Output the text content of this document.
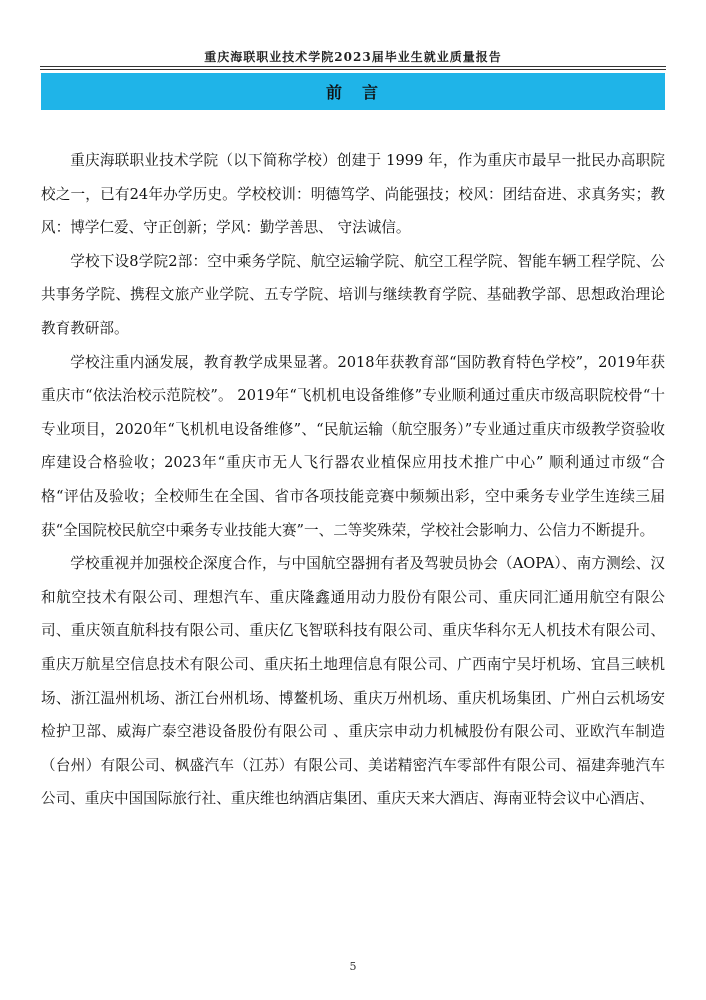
重庆海联职业技术学院2023届毕业生就业质量报告
前　言

重庆海联职业技术学院（以下简称学校）创建于 1999 年，作为重庆市最早一批民办高职院校之一，已有24年办学历史。学校校训：明德笃学、尚能强技；校风：团结奋进、求真务实；教风：博学仁爱、守正创新；学风：勤学善思、 守法诚信。

学校下设8学院2部：空中乘务学院、航空运输学院、航空工程学院、智能车辆工程学院、公共事务学院、携程文旅产业学院、五专学院、培训与继续教育学院、基础教学部、思想政治理论教育教研部。

学校注重内涵发展，教育教学成果显著。2018年获教育部“国防教育特色学校”，2019年获重庆市“依法治校示范院校”。 2019年“飞机机电设备维修”专业顺利通过重庆市级高职院校骨“十专业项目，2020年“飞机机电设备维修”、“民航运输（航空服务）”专业通过重庆市级教学资验收库建设合格验收；2023年“重庆市无人飞行器农业植保应用技术推广中心” 顺利通过市级“合格“评估及验收；全校师生在全国、省市各项技能竞赛中频频出彩，空中乘务专业学生连续三届获“全国院校民航空中乘务专业技能大赛”一、二等奖殊荣，学校社会影响力、公信力不断提升。

学校重视并加强校企深度合作，与中国航空器拥有者及驾驶员协会（AOPA）、南方测绘、汉和航空技术有限公司、理想汽车、重庆隆鑫通用动力股份有限公司、重庆同汇通用航空有限公司、重庆领直航科技有限公司、重庆亿飞智联科技有限公司、重庆华科尔无人机技术有限公司、重庆万航星空信息技术有限公司、重庆拓土地理信息有限公司、广西南宁吴圩机场、宜昌三峡机场、浙江温州机场、浙江台州机场、博鳌机场、重庆万州机场、重庆机场集团、广州白云机场安检护卫部、威海广泰空港设备股份有限公司 、重庆宗申动力机械股份有限公司、亚欧汽车制造（台州）有限公司、枫盛汽车（江苏）有限公司、美诺精密汽车零部件有限公司、福建奔驰汽车公司、重庆中国国际旅行社、重庆维也纳酒店集团、重庆天来大酒店、海南亚特会议中心酒店、

5
